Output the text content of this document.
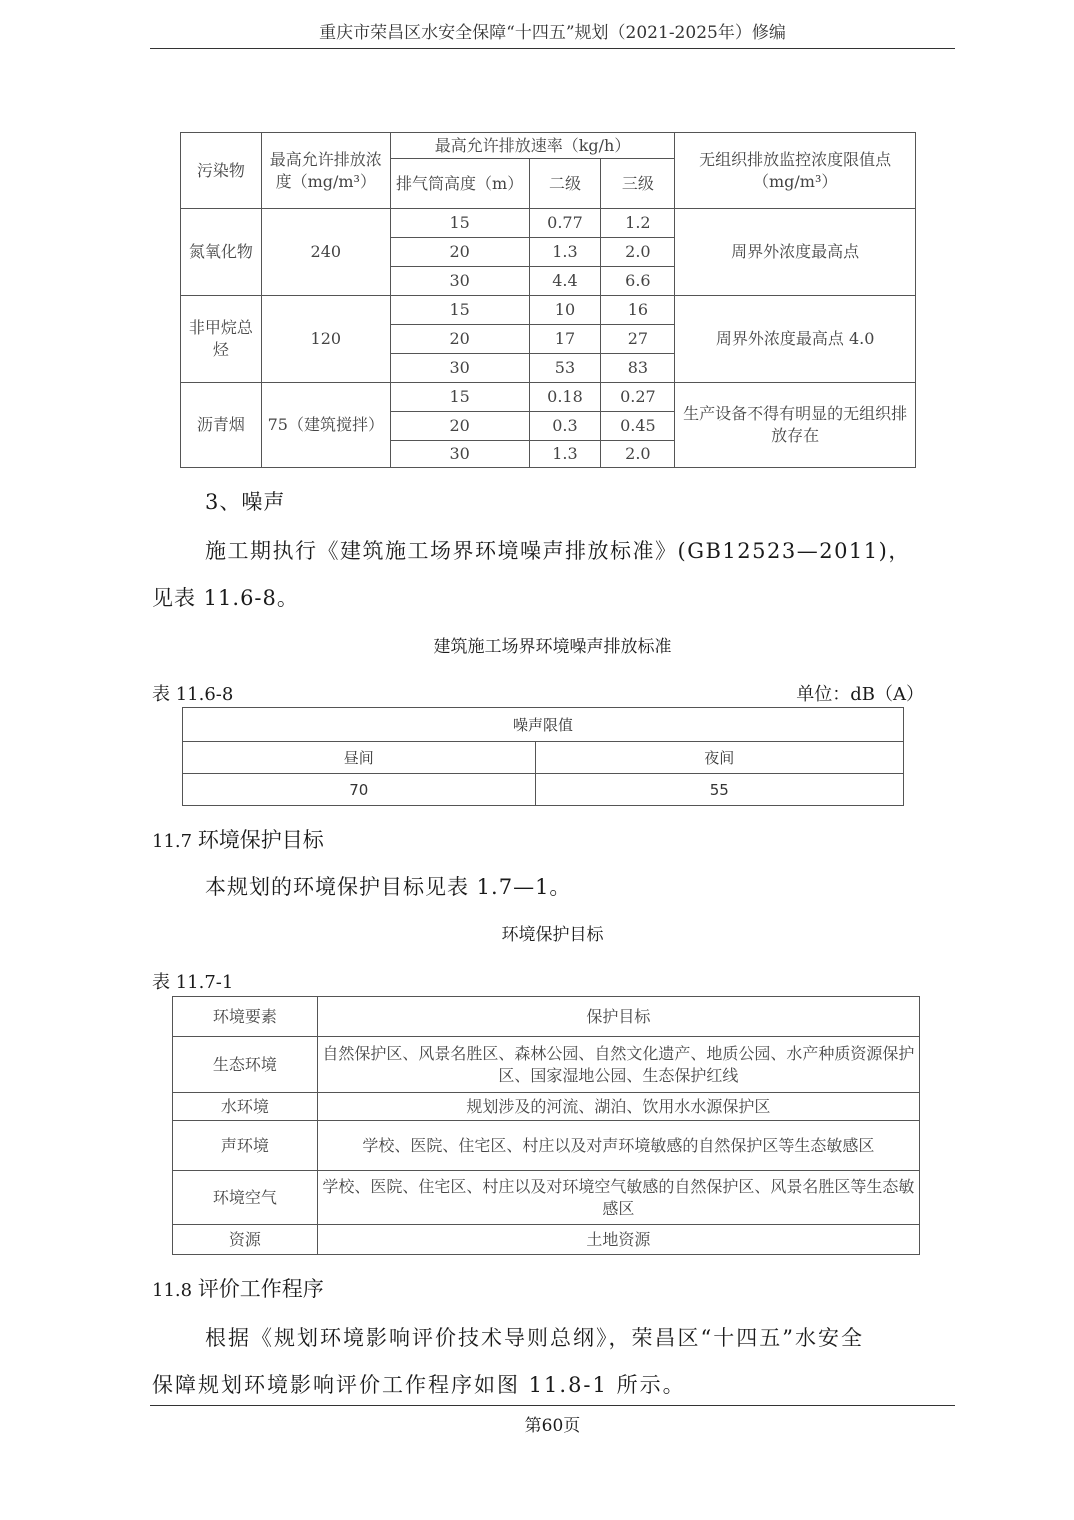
重庆市荣昌区水安全保障“十四五”规划（2021-2025年）修编
污染物	最高允许排放浓度（mg/m³）	最高允许排放速率（kg/h）			无组织排放监控浓度限值点（mg/m³）
		排气筒高度（m）	二级	三级	
氮氧化物	240	15	0.77	1.2	周界外浓度最高点
		20	1.3	2.0	
		30	4.4	6.6	
非甲烷总烃	120	15	10	16	周界外浓度最高点 4.0
		20	17	27	
		30	53	83	
沥青烟	75（建筑搅拌）	15	0.18	0.27	生产设备不得有明显的无组织排放存在
		20	0.3	0.45	
		30	1.3	2.0	
3、噪声
施工期执行《建筑施工场界环境噪声排放标准》(GB12523—2011)，
见表 11.6-8。
建筑施工场界环境噪声排放标准
表 11.6-8	单位：dB（A）
噪声限值	
昼间	夜间
70	55
11.7 环境保护目标
本规划的环境保护目标见表 1.7—1。
环境保护目标
表 11.7-1
环境要素	保护目标
生态环境	自然保护区、风景名胜区、森林公园、自然文化遗产、地质公园、水产种质资源保护区、国家湿地公园、生态保护红线
水环境	规划涉及的河流、湖泊、饮用水水源保护区
声环境	学校、医院、住宅区、村庄以及对声环境敏感的自然保护区等生态敏感区
环境空气	学校、医院、住宅区、村庄以及对环境空气敏感的自然保护区、风景名胜区等生态敏感区
资源	土地资源
11.8 评价工作程序
根据《规划环境影响评价技术导则总纲》，荣昌区“十四五”水安全
保障规划环境影响评价工作程序如图 11.8-1 所示。
第60页
